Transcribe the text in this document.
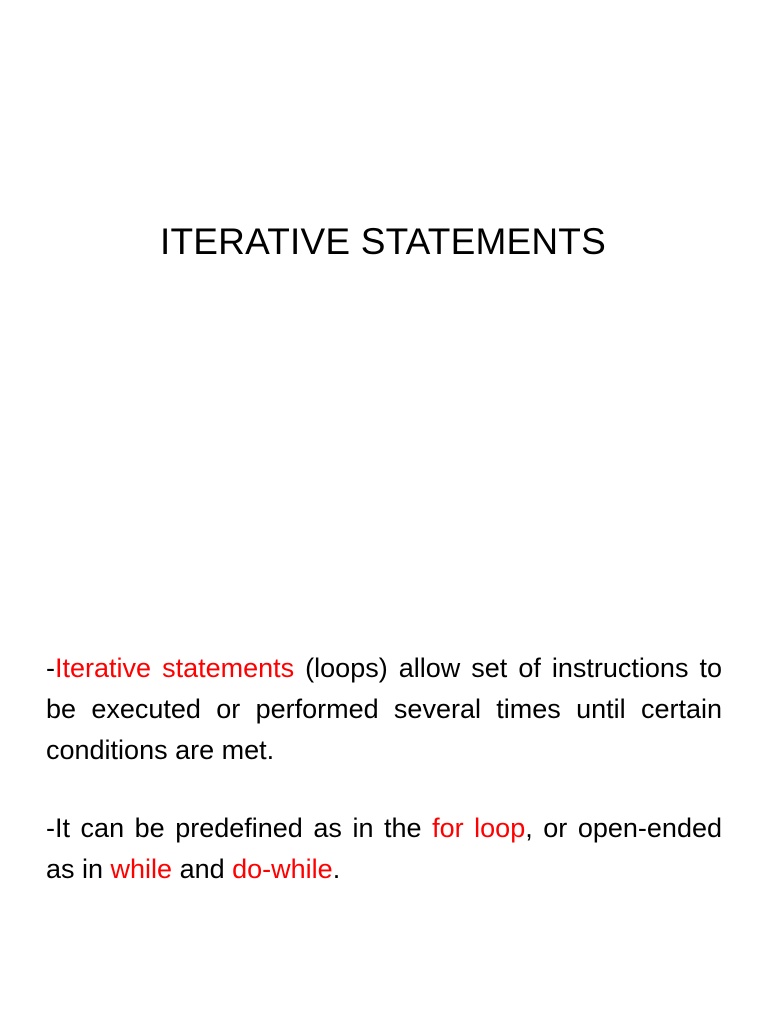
ITERATIVE STATEMENTS

-Iterative statements (loops) allow set of instructions to be executed or performed several times until certain conditions are met.

-It can be predefined as in the for loop, or open-ended as in while and do-while.
